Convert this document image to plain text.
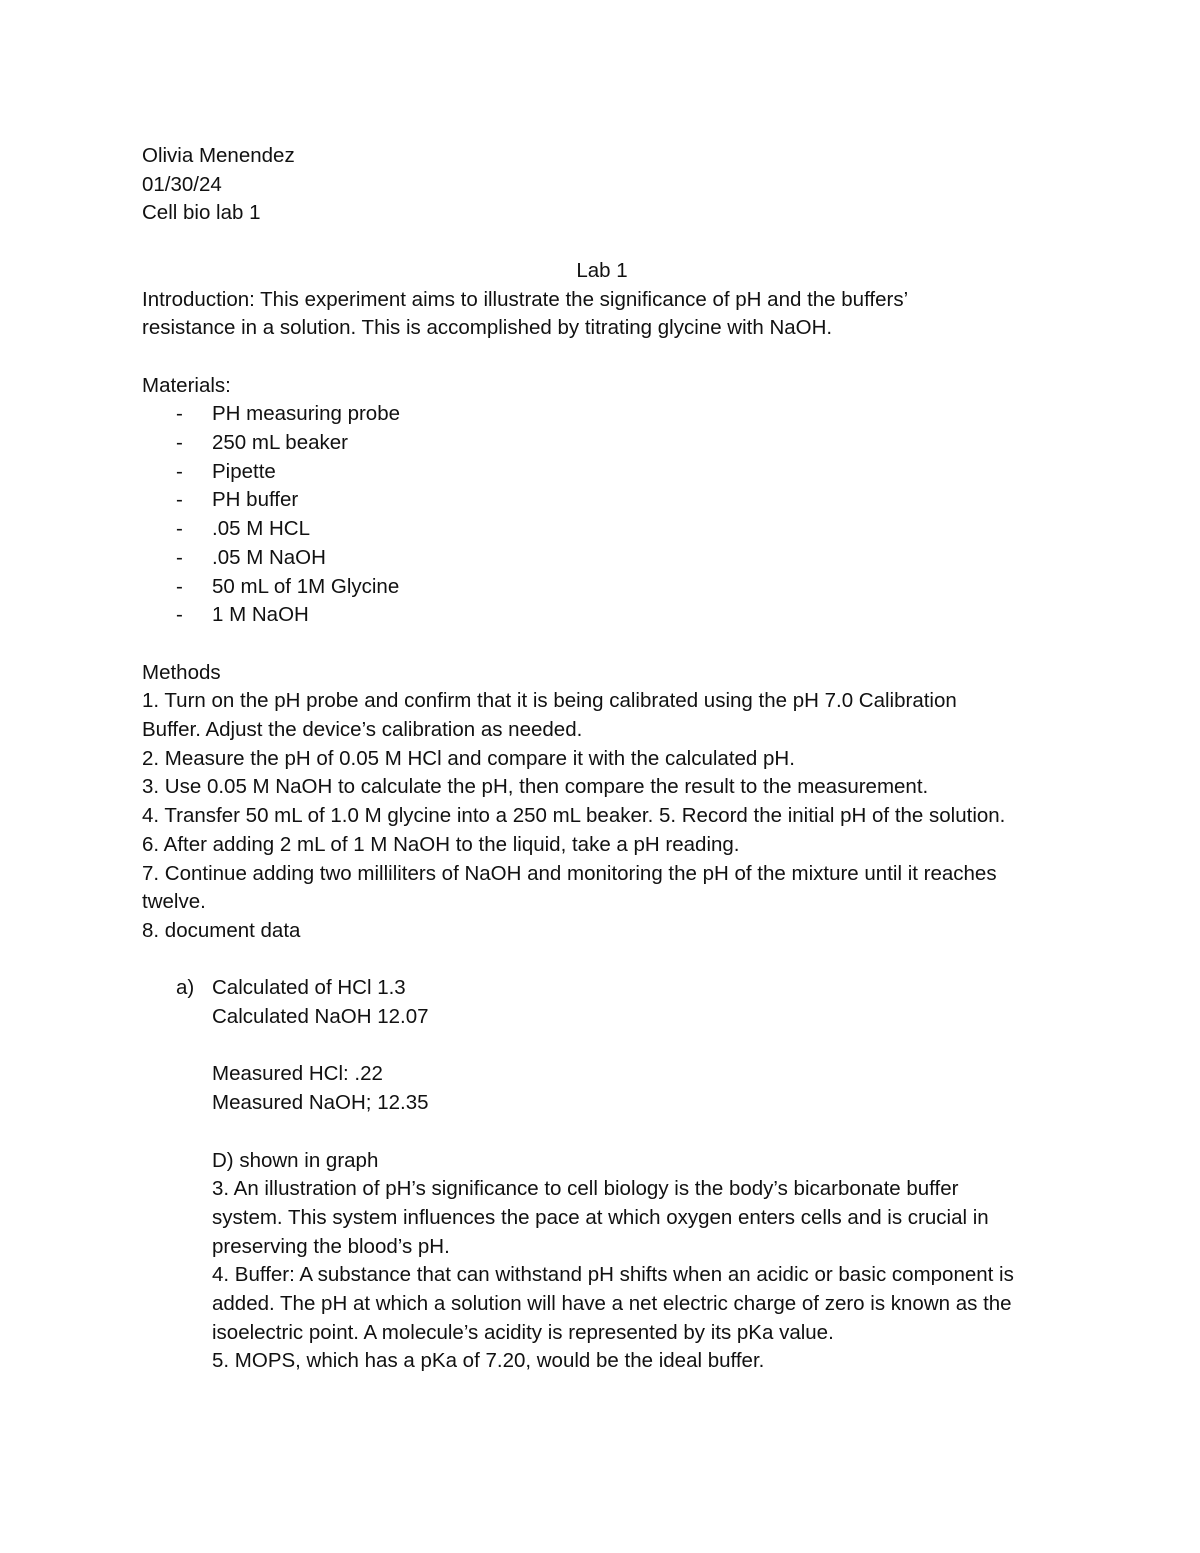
Olivia Menendez
01/30/24
Cell bio lab 1
Lab 1
Introduction: This experiment aims to illustrate the significance of pH and the buffers’
resistance in a solution. This is accomplished by titrating glycine with NaOH.
Materials:
- PH measuring probe
- 250 mL beaker
- Pipette
- PH buffer
- .05 M HCL
- .05 M NaOH
- 50 mL of 1M Glycine
- 1 M NaOH
Methods
1. Turn on the pH probe and confirm that it is being calibrated using the pH 7.0 Calibration
Buffer. Adjust the device’s calibration as needed.
2. Measure the pH of 0.05 M HCl and compare it with the calculated pH.
3. Use 0.05 M NaOH to calculate the pH, then compare the result to the measurement.
4. Transfer 50 mL of 1.0 M glycine into a 250 mL beaker. 5. Record the initial pH of the solution.
6. After adding 2 mL of 1 M NaOH to the liquid, take a pH reading.
7. Continue adding two milliliters of NaOH and monitoring the pH of the mixture until it reaches
twelve.
8. document data
a) Calculated of HCl 1.3
Calculated NaOH 12.07
Measured HCl: .22
Measured NaOH; 12.35
D) shown in graph
3. An illustration of pH’s significance to cell biology is the body’s bicarbonate buffer
system. This system influences the pace at which oxygen enters cells and is crucial in
preserving the blood’s pH.
4. Buffer: A substance that can withstand pH shifts when an acidic or basic component is
added. The pH at which a solution will have a net electric charge of zero is known as the
isoelectric point. A molecule’s acidity is represented by its pKa value.
5. MOPS, which has a pKa of 7.20, would be the ideal buffer.
